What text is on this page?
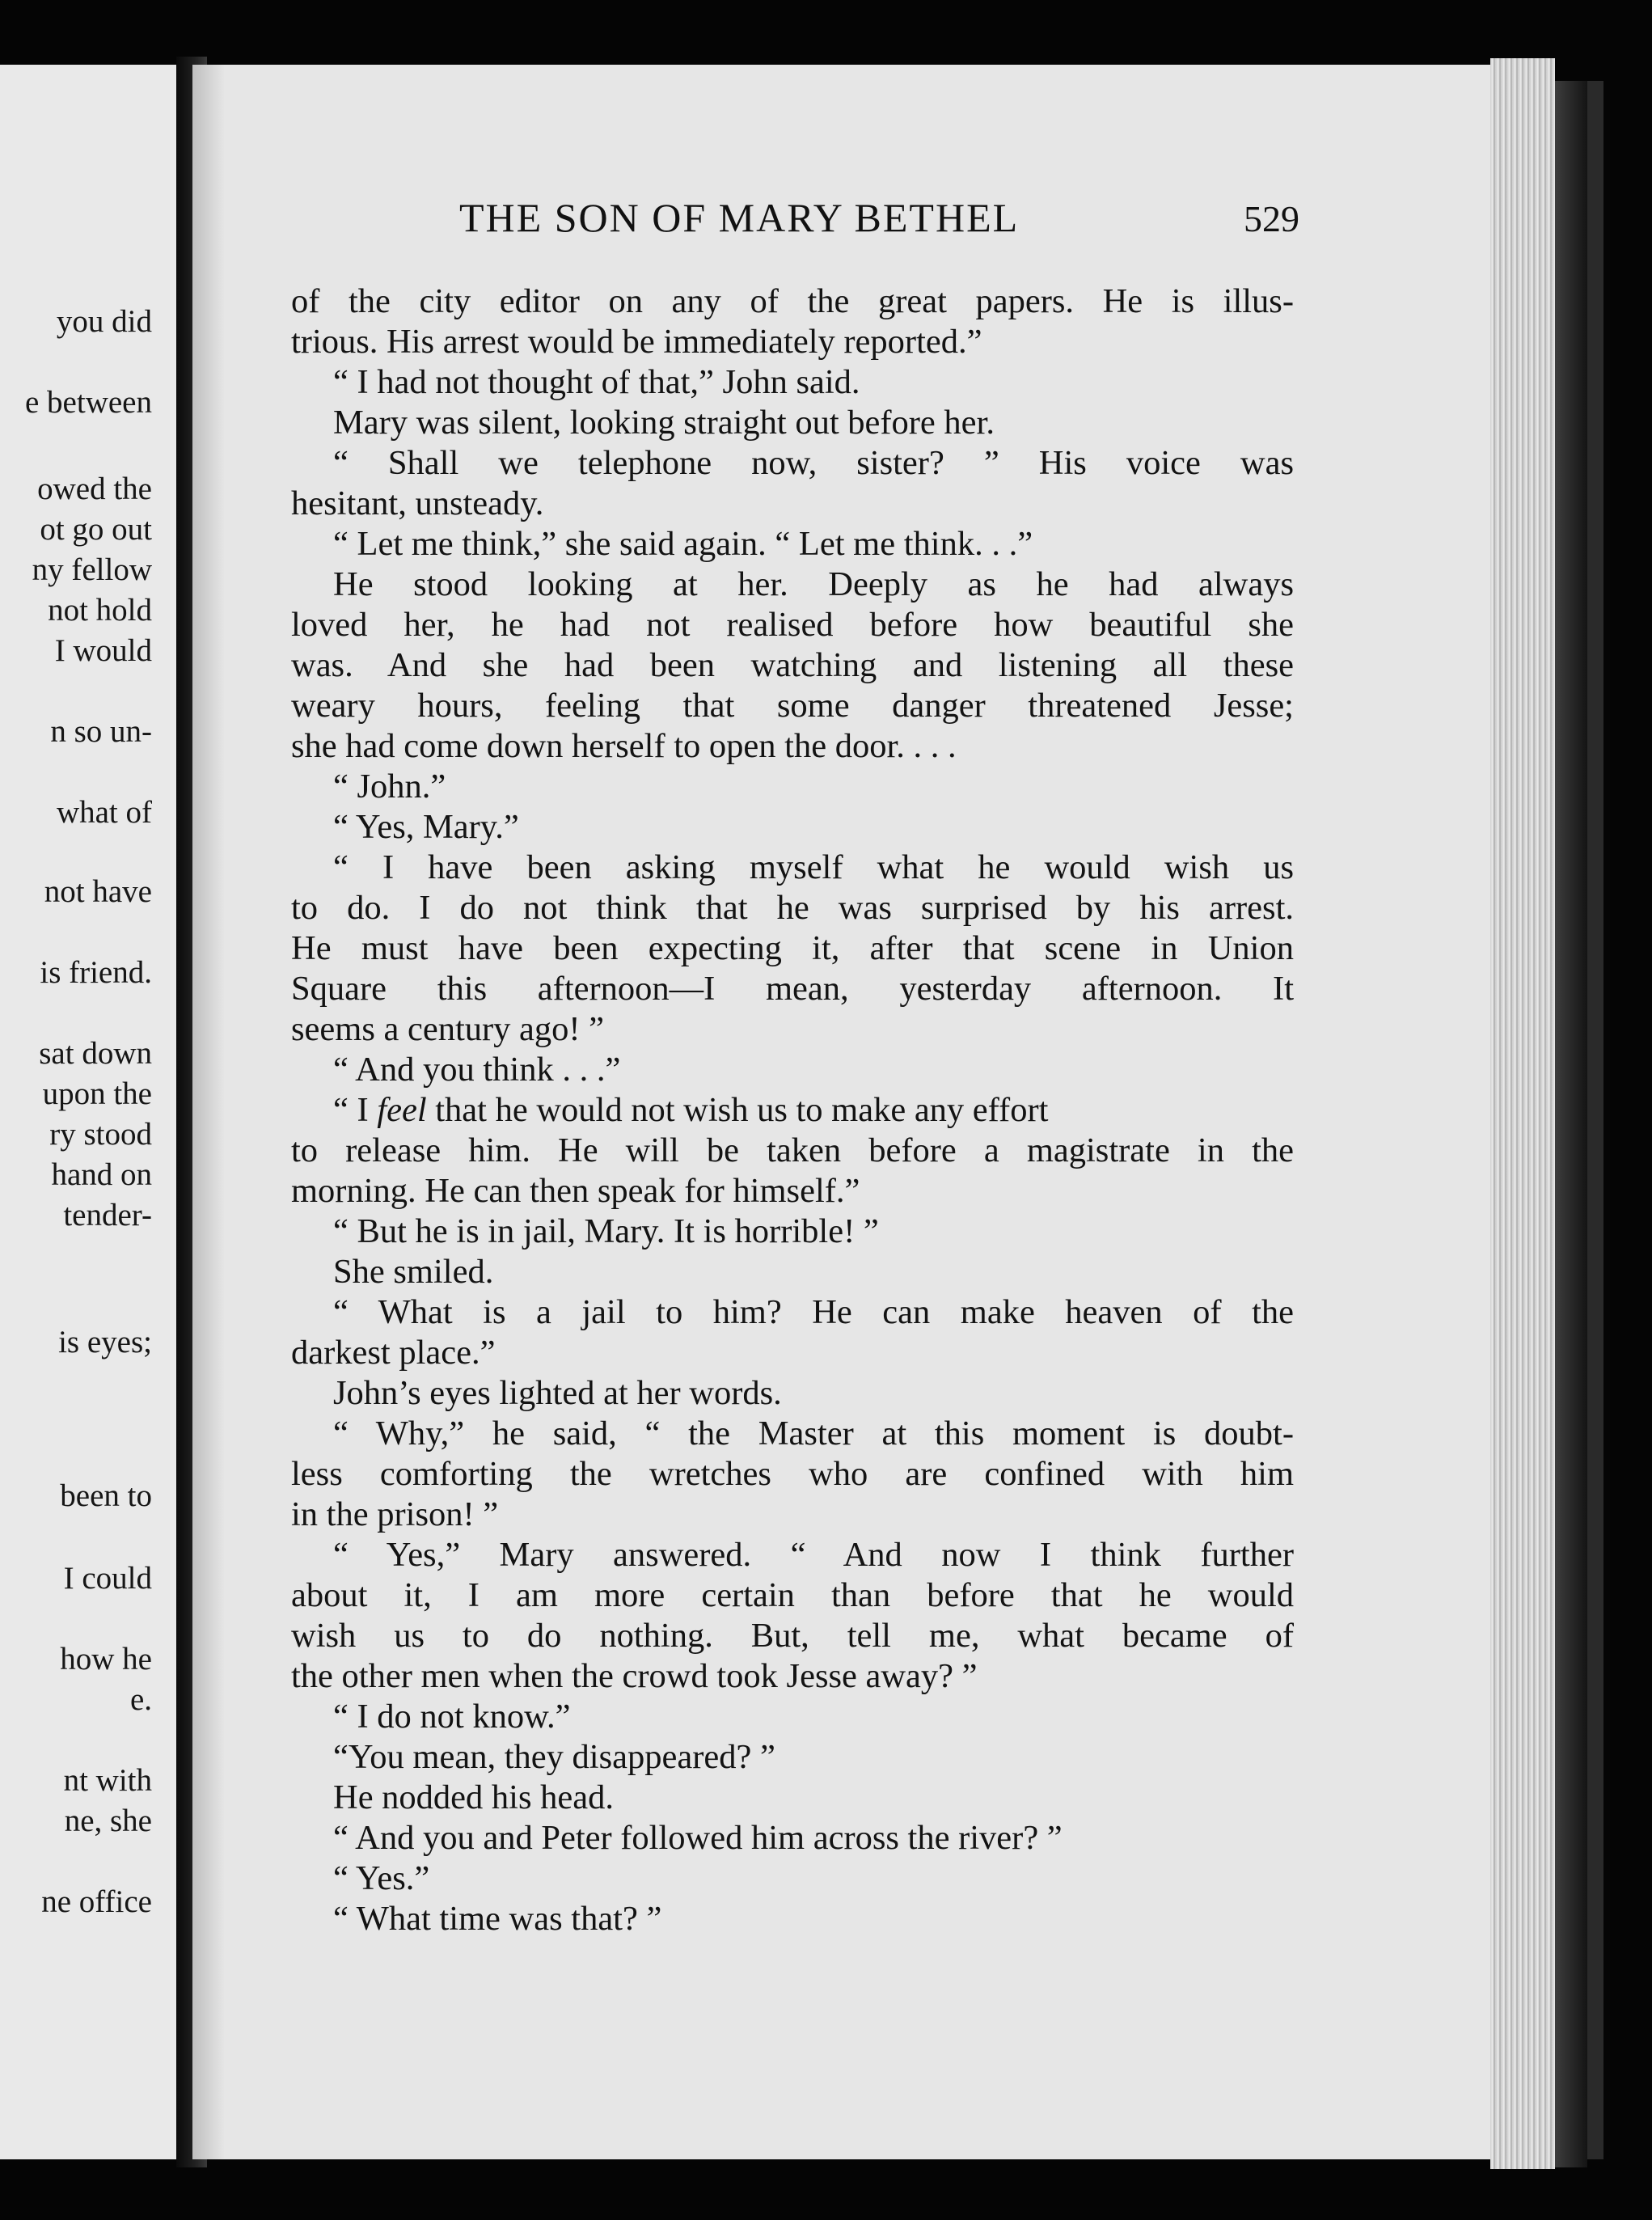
you did
e between
owed the
ot go out
ny fellow
not hold
I would
n so un-
what of
not have
is friend.
sat down
upon the
ry stood
hand on
tender-
is eyes;
been to
I could
how he
e.
nt with
ne, she
ne office
THE SON OF MARY BETHEL	529
of the city editor on any of the great papers. He is illus-
trious. His arrest would be immediately reported.”
“ I had not thought of that,” John said.
Mary was silent, looking straight out before her.
“ Shall we telephone now, sister? ” His voice was
hesitant, unsteady.
“ Let me think,” she said again. “ Let me think. . .”
He stood looking at her. Deeply as he had always
loved her, he had not realised before how beautiful she
was. And she had been watching and listening all these
weary hours, feeling that some danger threatened Jesse;
she had come down herself to open the door. . . .
“ John.”
“ Yes, Mary.”
“ I have been asking myself what he would wish us
to do. I do not think that he was surprised by his arrest.
He must have been expecting it, after that scene in Union
Square this afternoon—I mean, yesterday afternoon. It
seems a century ago! ”
“ And you think . . .”
“ I feel that he would not wish us to make any effort
to release him. He will be taken before a magistrate in the
morning. He can then speak for himself.”
“ But he is in jail, Mary. It is horrible! ”
She smiled.
“ What is a jail to him? He can make heaven of the
darkest place.”
John’s eyes lighted at her words.
“ Why,” he said, “ the Master at this moment is doubt-
less comforting the wretches who are confined with him
in the prison! ”
“ Yes,” Mary answered. “ And now I think further
about it, I am more certain than before that he would
wish us to do nothing. But, tell me, what became of
the other men when the crowd took Jesse away? ”
“ I do not know.”
“You mean, they disappeared? ”
He nodded his head.
“ And you and Peter followed him across the river? ”
“ Yes.”
“ What time was that? ”
